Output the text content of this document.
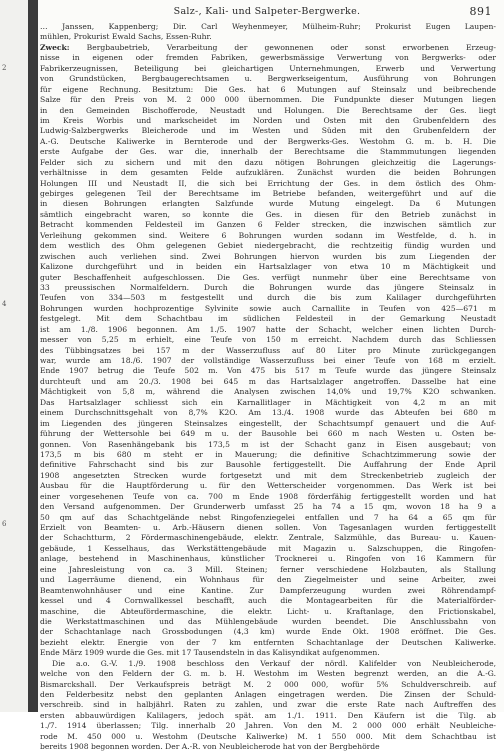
2
4
6
Salz-, Kali- und Salpeter-Bergwerke.	891
… Janssen, Kappenberg; Dir. Carl Weyhenmeyer, Mülheim-Ruhr; Prokurist Eugen Laupen-
mühlen, Prokurist Ewald Sachs, Essen-Ruhr.
Zweck: Bergbaubetrieb, Verarbeitung der gewonnenen oder sonst erworbenen Erzeug-
nisse in eigenen oder fremden Fabriken, gewerbsmässige Verwertung von Bergwerks- oder
Fabrikerzeugnissen, Beteiligung bei gleichartigen Unternehmungen, Erwerb und Verwertung
von Grundstücken, Bergbaugerechtsamen u. Bergwerkseigentum, Ausführung von Bohrungen
für eigene Rechnung. Besitztum: Die Ges. hat 6 Mutungen auf Steinsalz und beibrechende
Salze für den Preis von M. 2 000 000 übernommen. Die Fundpunkte dieser Mutungen liegen
in den Gemeinden Bischofferode, Neustadt und Holungen. Die Berechtsame der Ges. liegt
im Kreis Worbis und markscheidet im Norden und Osten mit den Grubenfeldern des
Ludwig-Salzbergwerks Bleicherode und im Westen und Süden mit den Grubenfeldern der
A.-G. Deutsche Kaliwerke in Bernterode und der Bergwerks-Ges. Westohm G. m. b. H. Die
erste Aufgabe der Ges. war die, innerhalb der Berechtsame die Stammmutungen liegenden
Felder sich zu sichern und mit den dazu nötigen Bohrungen gleichzeitig die Lagerungs-
verhältnisse in dem gesamten Felde aufzuklären. Zunächst wurden die beiden Bohrungen
Holungen III und Neustadt II, die sich bei Errichtung der Ges. in dem östlich des Ohm-
gebirges gelegenen Teil der Berechtsame im Betriebe befanden, weitergeführt und auf die
in diesen Bohrungen erlangten Salzfunde wurde Mutung eingelegt. Da 6 Mutungen
sämtlich eingebracht waren, so konnte die Ges. in diesen für den Betrieb zunächst in
Betracht kommenden Feldesteil im Ganzen 6 Felder strecken, die inzwischen sämtlich zur
Verleihung gekommen sind. Weitere 6 Bohrungen wurden sodann im Westfelde, d. h. in
dem westlich des Ohm gelegenen Gebiet niedergebracht, die rechtzeitig fündig wurden und
zwischen auch verliehen sind. Zwei Bohrungen hiervon wurden bis zum Liegenden der
Kalizone durchgeführt und in beiden ein Hartsalzlager von etwa 10 m Mächtigkeit und
guter Beschaffenheit aufgeschlossen. Die Ges. verfügt nunmehr über eine Berechtsame von
33 preussischen Normalfeldern. Durch die Bohrungen wurde das jüngere Steinsalz in
Teufen von 334—503 m festgestellt und durch die bis zum Kalilager durchgeführten
Bohrungen wurden hochprozentige Sylvinite sowie auch Carnallite in Teufen von 425—671 m
festgelegt. Mit dem Schachtbau im südlichen Feldesteil in der Gemarkung Neustadt
ist am 1./8. 1906 begonnen. Am 1./5. 1907 hatte der Schacht, welcher einen lichten Durch-
messer von 5,25 m erhielt, eine Teufe von 150 m erreicht. Nachdem durch das Schliessen
des Tübbingsatzes bei 157 m der Wasserzufluss auf 80 Liter pro Minute zurückgegangen
war, wurde am 18./6. 1907 der vollständige Wasserzufluss bei einer Teufe von 168 m erzielt.
Ende 1907 betrug die Teufe 502 m. Von 475 bis 517 m Teufe wurde das jüngere Steinsalz
durchteuft und am 20./3. 1908 bei 645 m das Hartsalzlager angetroffen. Dasselbe hat eine
Mächtigkeit von 5,8 m, während die Analysen zwischen 14,0% und 19,7% K2O schwanken.
Das Hartsalzlager schliesst sich ein Karnallitlager in Mächtigkeit von 4,2 m an mit
einem Durchschnittsgehalt von 8,7% K2O. Am 13./4. 1908 wurde das Abteufen bei 680 m
im Liegenden des jüngeren Steinsalzes eingestellt, der Schachtsumpf genauert und die Auf-
führung der Wettersohle bei 649 m u. der Bausohle bei 660 m nach Westen u. Osten be-
gonnen. Von Rasenhängebank bis 173,5 m ist der Schacht ganz in Eisen ausgebaut; von
173,5 m bis 680 m steht er in Mauerung; die definitive Schachtzimmerung sowie der
definitive Fahrschacht sind bis zur Bausohle fertiggestellt. Die Auffahrung der Ende April
1908 angesetzten Strecken wurde fortgesetzt und mit dem Streckenbetrieb zugleich der
Ausbau für die Hauptförderung u. für den Wetterscheider vorgenommen. Das Werk ist bei
einer vorgesehenen Teufe von ca. 700 m Ende 1908 förderfähig fertiggestellt worden und hat
den Versand aufgenommen. Der Grunderwerb umfasst 25 ha 74 a 15 qm, wovon 18 ha 9 a
50 qm auf das Schachtgelände nebst Ringofenziegelei entfallen und 7 ha 64 a 65 qm für
Erzielt von Beamten- u. Arb.-Häusern dienen sollen. Von Tagesanlagen wurden fertiggestellt
der Schachtturm, 2 Fördermaschinengebäude, elektr. Zentrale, Salzmühle, das Bureau- u. Kauen-
gebäude, 1 Kesselhaus, das Werkstättengebäude mit Magazin u. Salzschuppen, die Ringofen-
anlage, bestehend in Maschinenhaus, künstlicher Trocknerei u. Ringofen von 16 Kammern für
eine Jahresleistung von ca. 3 Mill. Steinen; ferner verschiedene Holzbauten, als Stallung
und Lagerräume dienend, ein Wohnhaus für den Ziegelmeister und seine Arbeiter, zwei
Beamtenwohnhäuser und eine Kantine. Zur Dampferzeugung wurden zwei Röhrendampf-
kessel und 4 Cornwallkessel beschafft, auch die Montagearbeiten für die Materialförder-
maschine, die Abteufördermaschine, die elektr. Licht- u. Kraftanlage, den Frictionskabel,
die Werkstattmaschinen und das Mühlengebäude wurden beendet. Die Anschlussbahn von
der Schachtanlage nach Grossbodungen (4,3 km) wurde Ende Okt. 1908 eröffnet. Die Ges.
bezieht elektr. Energie von der 7 km entfernten Schachtanlage der Deutschen Kaliwerke.
Ende März 1909 wurde die Ges. mit 17 Tausendsteln in das Kalisyndikat aufgenommen.
Die a.o. G.-V. 1./9. 1908 beschloss den Verkauf der nördl. Kalifelder von Neubleicherode,
welche von den Feldern der G. m. b. H. Westohm im Westen begrenzt werden, an die A.-G.
Bismarckshall. Der Verkaufspreis beträgt M. 2 000 000, wofür 5% Schuldverschreib. auf
den Felderbesitz nebst den geplanten Anlagen eingetragen werden. Die Zinsen der Schuld-
verschreib. sind in halbjährl. Raten zu zahlen, und zwar die erste Rate nach Auftreffen des
ersten abbauwürdigen Kalilagers, jedoch spät. am 1./1. 1911. Den Käufern ist die Tilg. ab
1./7. 1914 überlassen; Tilg. innerhalb 20 Jahren. Von den M. 2 000 000 erhält Neubleiche-
rode M. 450 000 u. Westohm (Deutsche Kaliwerke) M. 1 550 000. Mit dem Schachtbau ist
bereits 1908 begonnen worden. Der A.-R. von Neubleicherode hat von der Bergbehörde
